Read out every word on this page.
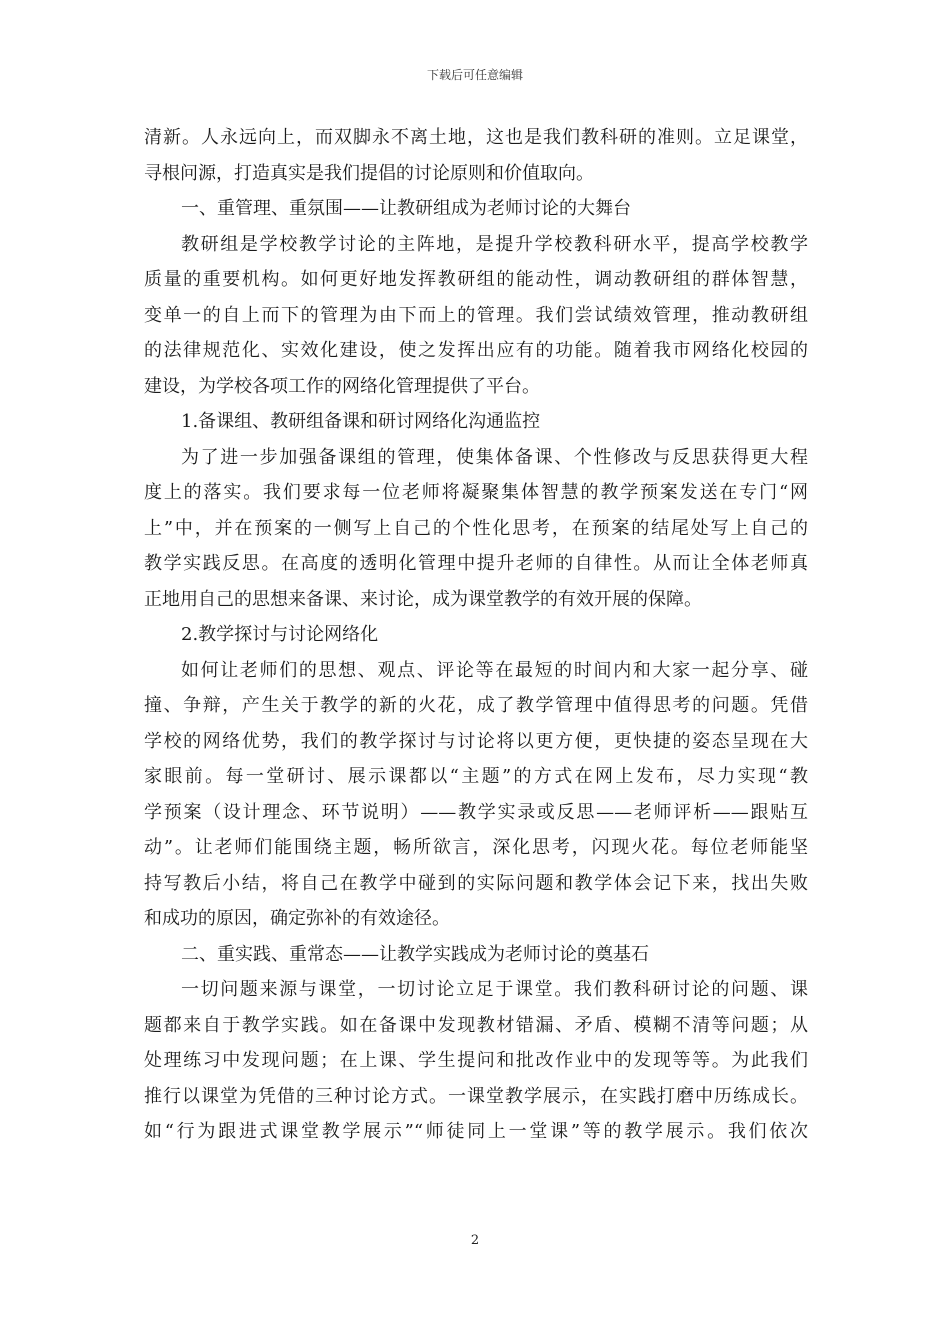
下载后可任意编辑
清新。人永远向上，而双脚永不离土地，这也是我们教科研的准则。立足课堂，
寻根问源，打造真实是我们提倡的讨论原则和价值取向。
一、重管理、重氛围——让教研组成为老师讨论的大舞台
教研组是学校教学讨论的主阵地，是提升学校教科研水平，提高学校教学
质量的重要机构。如何更好地发挥教研组的能动性，调动教研组的群体智慧，
变单一的自上而下的管理为由下而上的管理。我们尝试绩效管理，推动教研组
的法律规范化、实效化建设，使之发挥出应有的功能。随着我市网络化校园的
建设，为学校各项工作的网络化管理提供了平台。
1.备课组、教研组备课和研讨网络化沟通监控
为了进一步加强备课组的管理，使集体备课、个性修改与反思获得更大程
度上的落实。我们要求每一位老师将凝聚集体智慧的教学预案发送在专门“网
上”中，并在预案的一侧写上自己的个性化思考，在预案的结尾处写上自己的
教学实践反思。在高度的透明化管理中提升老师的自律性。从而让全体老师真
正地用自己的思想来备课、来讨论，成为课堂教学的有效开展的保障。
2.教学探讨与讨论网络化
如何让老师们的思想、观点、评论等在最短的时间内和大家一起分享、碰
撞、争辩，产生关于教学的新的火花，成了教学管理中值得思考的问题。凭借
学校的网络优势，我们的教学探讨与讨论将以更方便，更快捷的姿态呈现在大
家眼前。每一堂研讨、展示课都以“主题”的方式在网上发布，尽力实现“教
学预案（设计理念、环节说明）——教学实录或反思——老师评析——跟贴互
动”。让老师们能围绕主题，畅所欲言，深化思考，闪现火花。每位老师能坚
持写教后小结，将自己在教学中碰到的实际问题和教学体会记下来，找出失败
和成功的原因，确定弥补的有效途径。
二、重实践、重常态——让教学实践成为老师讨论的奠基石
一切问题来源与课堂，一切讨论立足于课堂。我们教科研讨论的问题、课
题都来自于教学实践。如在备课中发现教材错漏、矛盾、模糊不清等问题；从
处理练习中发现问题；在上课、学生提问和批改作业中的发现等等。为此我们
推行以课堂为凭借的三种讨论方式。一课堂教学展示，在实践打磨中历练成长。
如“行为跟进式课堂教学展示”“师徒同上一堂课”等的教学展示。我们依次
2
